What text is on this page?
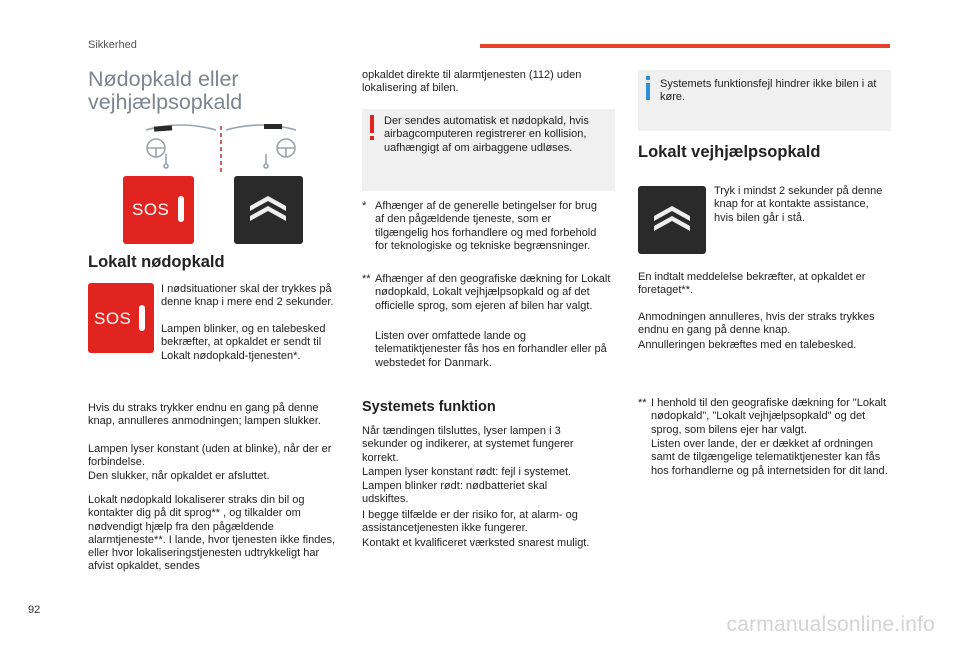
Sikkerhed
Nødopkald eller vejhjælpsopkald
SOS
Lokalt nødopkald
SOS
I nødsituationer skal der trykkes på denne knap i mere end 2 sekunder.
Lampen blinker, og en talebesked bekræfter, at opkaldet er sendt til Lokalt nødopkald-tjenesten*.
Hvis du straks trykker endnu en gang på denne knap, annulleres anmodningen; lampen slukker.
Lampen lyser konstant (uden at blinke), når der er forbindelse.
Den slukker, når opkaldet er afsluttet.
Lokalt nødopkald lokaliserer straks din bil og kontakter dig på dit sprog** , og tilkalder om nødvendigt hjælp fra den pågældende alarmtjeneste**. I lande, hvor tjenesten ikke findes, eller hvor lokaliseringstjenesten udtrykkeligt har afvist opkaldet, sendes
opkaldet direkte til alarmtjenesten (112) uden lokalisering af bilen.
Der sendes automatisk et nødopkald, hvis airbagcomputeren registrerer en kollision, uafhængigt af om airbaggene udløses.
* Afhænger af de generelle betingelser for brug af den pågældende tjeneste, som er tilgængelig hos forhandlere og med forbehold for teknologiske og tekniske begrænsninger.
** Afhænger af den geografiske dækning for Lokalt nødopkald, Lokalt vejhjælpsopkald og af det officielle sprog, som ejeren af bilen har valgt.
Listen over omfattede lande og telematiktjenester fås hos en forhandler eller på webstedet for Danmark.
Systemets funktion
Når tændingen tilsluttes, lyser lampen i 3 sekunder og indikerer, at systemet fungerer korrekt.
Lampen lyser konstant rødt: fejl i systemet.
Lampen blinker rødt: nødbatteriet skal udskiftes.
I begge tilfælde er der risiko for, at alarm- og assistancetjenesten ikke fungerer.
Kontakt et kvalificeret værksted snarest muligt.
Systemets funktionsfejl hindrer ikke bilen i at køre.
Lokalt vejhjælpsopkald
Tryk i mindst 2 sekunder på denne knap for at kontakte assistance, hvis bilen går i stå.
En indtalt meddelelse bekræfter, at opkaldet er foretaget**.
Anmodningen annulleres, hvis der straks trykkes endnu en gang på denne knap.
Annulleringen bekræftes med en talebesked.
** I henhold til den geografiske dækning for "Lokalt nødopkald", "Lokalt vejhjælpsopkald" og det sprog, som bilens ejer har valgt.
Listen over lande, der er dækket af ordningen samt de tilgængelige telematiktjenester kan fås hos forhandlerne og på internetsiden for dit land.
92
carmanualsonline.info
